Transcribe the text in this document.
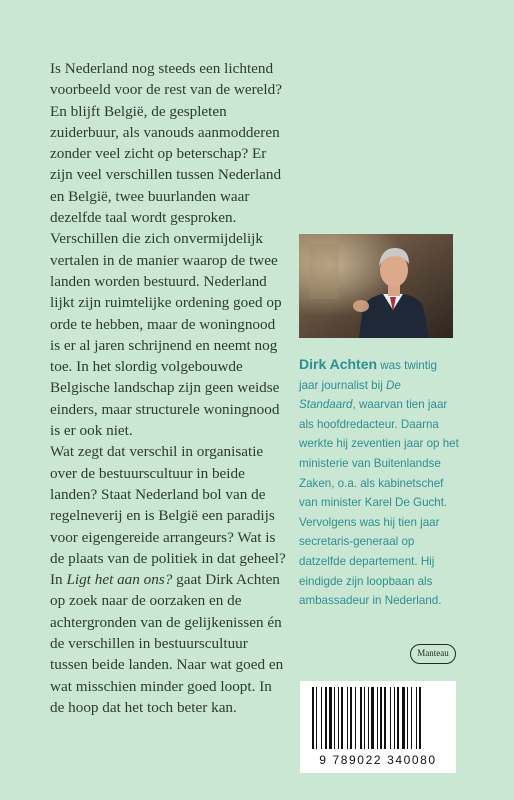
Is Nederland nog steeds een lichtend voorbeeld voor de rest van de wereld? En blijft België, de gespleten zuiderbuur, als vanouds aanmodderen zonder veel zicht op beterschap? Er zijn veel verschillen tussen Nederland en België, twee buurlanden waar dezelfde taal wordt gesproken. Verschillen die zich onvermijdelijk vertalen in de manier waarop de twee landen worden bestuurd. Nederland lijkt zijn ruimtelijke ordening goed op orde te hebben, maar de woningnood is er al jaren schrijnend en neemt nog toe. In het slordig volgebouwde Belgische landschap zijn geen weidse einders, maar structurele woningnood is er ook niet.

Wat zegt dat verschil in organisatie over de bestuurscultuur in beide landen? Staat Nederland bol van de regelneverij en is België een paradijs voor eigengereide arrangeurs? Wat is de plaats van de politiek in dat geheel?

In Ligt het aan ons? gaat Dirk Achten op zoek naar de oorzaken en de achtergronden van de gelijkenissen én de verschillen in bestuurscultuur tussen beide landen. Naar wat goed en wat misschien minder goed loopt. In de hoop dat het toch beter kan.

Dirk Achten was twintig jaar journalist bij De Standaard, waarvan tien jaar als hoofdredacteur. Daarna werkte hij zeventien jaar op het ministerie van Buitenlandse Zaken, o.a. als kabinetschef van minister Karel De Gucht. Vervolgens was hij tien jaar secretaris-generaal op datzelfde departement. Hij eindigde zijn loopbaan als ambassadeur in Nederland.
Manteau
9 789022 340080
